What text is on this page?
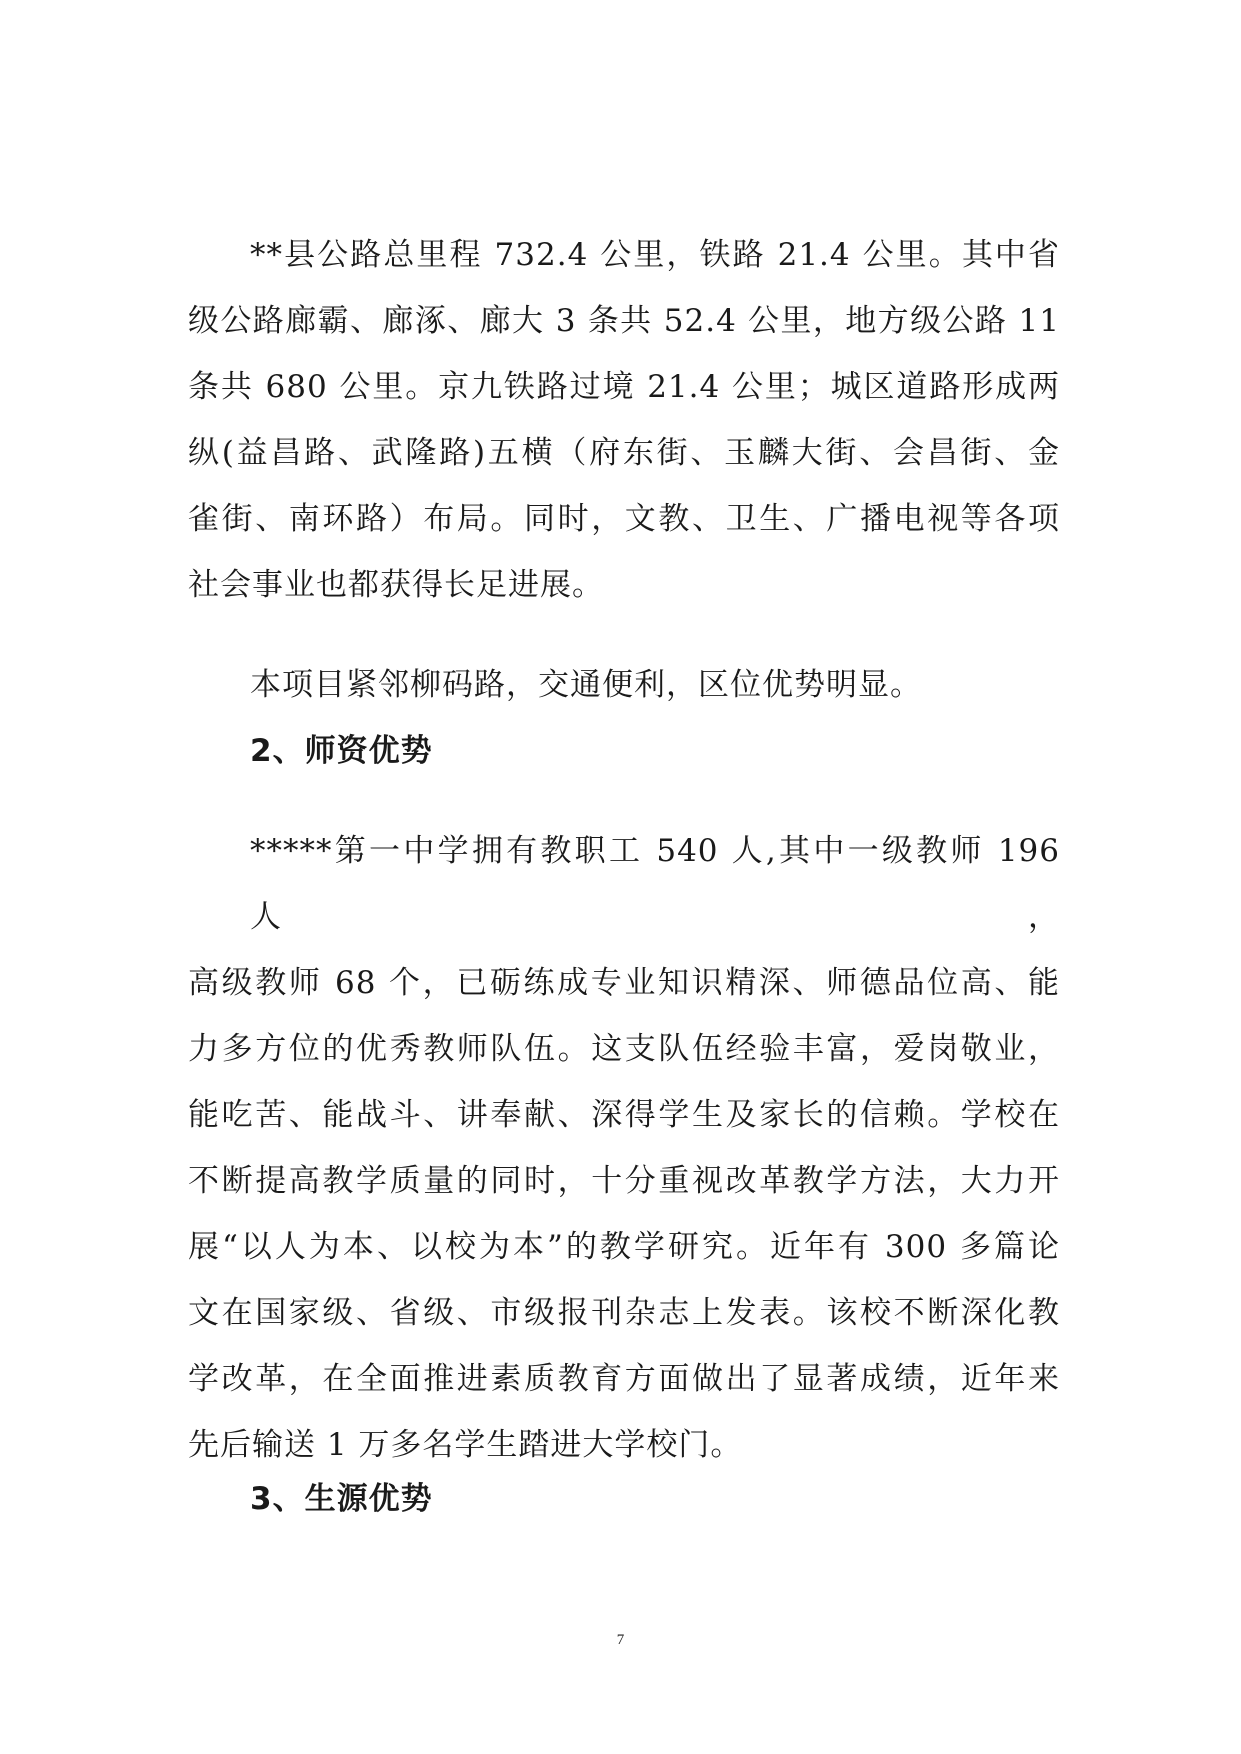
**县公路总里程 732.4 公里，铁路 21.4 公里。其中省
级公路廊霸、廊涿、廊大 3 条共 52.4 公里，地方级公路 11
条共 680 公里。京九铁路过境 21.4 公里；城区道路形成两
纵(益昌路、武隆路)五横（府东街、玉麟大街、会昌街、金
雀街、南环路）布局。同时，文教、卫生、广播电视等各项
社会事业也都获得长足进展。
本项目紧邻柳码路，交通便利，区位优势明显。
2、师资优势
*****第一中学拥有教职工 540 人,其中一级教师 196 人，
高级教师 68 个，已砺练成专业知识精深、师德品位高、能
力多方位的优秀教师队伍。这支队伍经验丰富，爱岗敬业，
能吃苦、能战斗、讲奉献、深得学生及家长的信赖。学校在
不断提高教学质量的同时，十分重视改革教学方法，大力开
展“以人为本、以校为本”的教学研究。近年有 300 多篇论
文在国家级、省级、市级报刊杂志上发表。该校不断深化教
学改革，在全面推进素质教育方面做出了显著成绩，近年来
先后输送 1 万多名学生踏进大学校门。
3、生源优势
7
